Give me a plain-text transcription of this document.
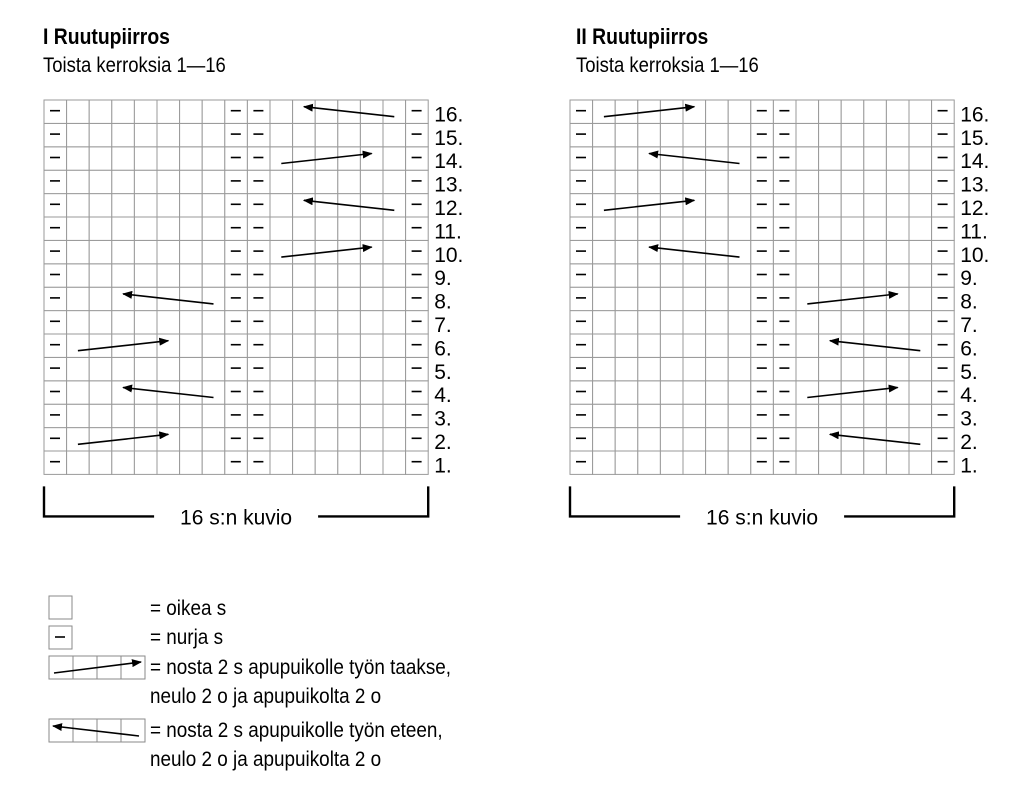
I Ruutupiirros
Toista kerroksia 1—16
II Ruutupiirros
Toista kerroksia 1—16
1.
2.
3.
4.
5.
6.
7.
8.
9.
10.
11.
12.
13.
14.
15.
16.
16 s:n kuvio
1.
2.
3.
4.
5.
6.
7.
8.
9.
10.
11.
12.
13.
14.
15.
16.
16 s:n kuvio
= oikea s
= nurja s
= nosta 2 s apupuikolle työn taakse,
neulo 2 o ja apupuikolta 2 o
= nosta 2 s apupuikolle työn eteen,
neulo 2 o ja apupuikolta 2 o
